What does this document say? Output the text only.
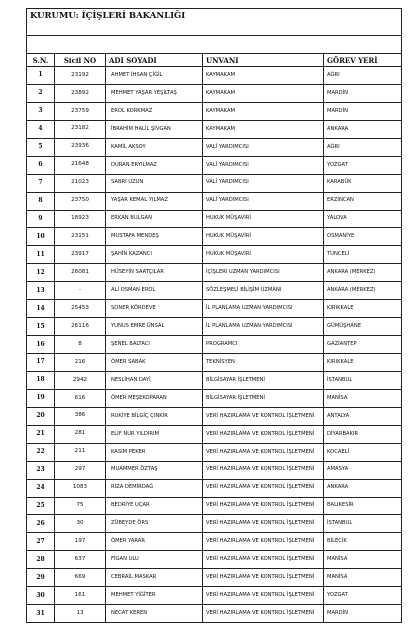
KURUMU: İÇİŞLERİ BAKANLIĞI				

S.N.	Sicil NO	ADI SOYADI	UNVANI	GÖREV YERİ
1	23192	AHMET İHSAN ÇİĞİL	KAYMAKAM	AĞRI
2	23892	MEHMET YAŞAR YEŞİLTAŞ	KAYMAKAM	MARDİN
3	23759	EROL KORKMAZ	KAYMAKAM	MARDİN
4	23182	İBRAHİM HALİL ŞİVGAN	KAYMAKAM	ANKARA
5	23936	KAMİL AKSOY	VALİ YARDIMCISI	AĞRI
6	21648	DURAN ERYILMAZ	VALİ YARDIMCISI	YOZGAT
7	21023	SABRİ UZUN	VALİ YARDIMCISI	KARABÜK
8	23750	YAŞAR KEMAL YILMAZ	VALİ YARDIMCISI	ERZİNCAN
9	18923	ERKAN BULGAN	HUKUK MÜŞAVİRİ	YALOVA
10	23151	MUSTAFA MENDEŞ	HUKUK MÜŞAVİRİ	OSMANİYE
11	23917	ŞAHİN KAZANCI	HUKUK MÜŞAVİRİ	TUNCELİ
12	26081	HÜSEYİN SAATÇILAR	İÇİŞLERİ UZMAN YARDIMCISI	ANKARA (MERKEZ)
13	-	ALİ OSMAN EROL	SÖZLEŞMELİ BİLİŞİM UZMANI	ANKARA (MERKEZ)
14	25453	SONER KÖRDEVE	İL PLANLAMA UZMAN YARDIMCISI	KIRIKKALE
15	26116	YUNUS EMRE ÜNSAL	İL PLANLAMA UZMAN YARDIMCISI	GÜMÜŞHANE
16	8	ŞENEL BALTACI	PROGRAMCI	GAZİANTEP
17	216	ÖMER SABAK	TEKNİSYEN	KIRIKKALE
18	2942	NESLİHAN DAYİ	BİLGİSAYAR İŞLETMENİ	İSTANBUL
19	616	ÖMER MEŞEKOPARAN	BİLGİSAYAR İŞLETMENİ	MANİSA
20	386	RUKİYE BİLGİÇ ÇINKIR	VERİ HAZIRLAMA VE KONTROL İŞLETMENİ	ANTALYA
21	281	ELİF NUR YILDIRIM	VERİ HAZIRLAMA VE KONTROL İŞLETMENİ	DİYARBAKIR
22	211	KASIM PEKER	VERİ HAZIRLAMA VE KONTROL İŞLETMENİ	KOCAELİ
23	297	MUAMMER ÖZTAŞ	VERİ HAZIRLAMA VE KONTROL İŞLETMENİ	AMASYA
24	1083	RIZA DEMİRDAĞ	VERİ HAZIRLAMA VE KONTROL İŞLETMENİ	ANKARA
25	75	BEDRİYE UÇAR	VERİ HAZIRLAMA VE KONTROL İŞLETMENİ	BALIKESİR
26	30	ZÜBEYDE ÖRS	VERİ HAZIRLAMA VE KONTROL İŞLETMENİ	İSTANBUL
27	197	ÖMER YARAR	VERİ HAZIRLAMA VE KONTROL İŞLETMENİ	BİLECİK
28	637	FİGAN ULU	VERİ HAZIRLAMA VE KONTROL İŞLETMENİ	MANİSA
29	669	CEBRAİL MASKAR	VERİ HAZIRLAMA VE KONTROL İŞLETMENİ	MANİSA
30	161	MEHMET YİĞİTER	VERİ HAZIRLAMA VE KONTROL İŞLETMENİ	YOZGAT
31	13	NECAT KEREN	VERİ HAZIRLAMA VE KONTROL İŞLETMENİ	MARDİN
